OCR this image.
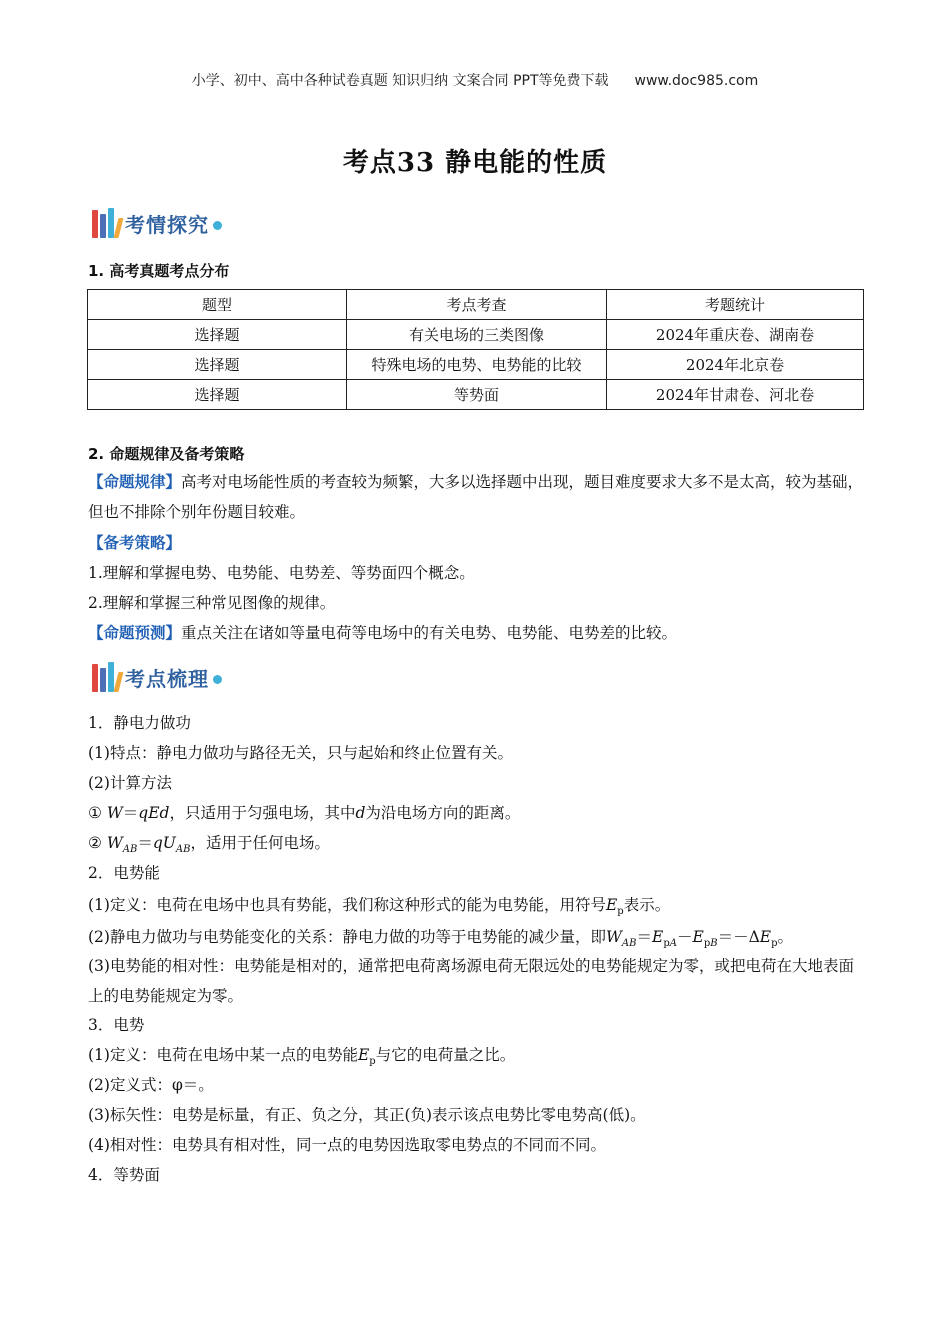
小学、初中、高中各种试卷真题 知识归纳 文案合同 PPT等免费下载 www.doc985.com
考点33 静电能的性质
考情探究
1. 高考真题考点分布
题型	考点考查	考题统计
选择题	有关电场的三类图像	2024年重庆卷、湖南卷
选择题	特殊电场的电势、电势能的比较	2024年北京卷
选择题	等势面	2024年甘肃卷、河北卷
2. 命题规律及备考策略
【命题规律】高考对电场能性质的考查较为频繁，大多以选择题中出现，题目难度要求大多不是太高，较为基础，但也不排除个别年份题目较难。
【备考策略】
1.理解和掌握电势、电势能、电势差、等势面四个概念。
2.理解和掌握三种常见图像的规律。
【命题预测】重点关注在诸如等量电荷等电场中的有关电势、电势能、电势差的比较。
考点梳理
1．静电力做功
(1)特点：静电力做功与路径无关，只与起始和终止位置有关。
(2)计算方法
① W＝qEd，只适用于匀强电场，其中d为沿电场方向的距离。
② $W_{AB}=qU_{AB}$，适用于任何电场。
2．电势能
(1)定义：电荷在电场中也具有势能，我们称这种形式的能为电势能，用符号$E_p$表示。
(2)静电力做功与电势能变化的关系：静电力做的功等于电势能的减少量，即$W_{AB}=E_{pA}-E_{pB}=-\Delta E_p$。
(3)电势能的相对性：电势能是相对的，通常把电荷离场源电荷无限远处的电势能规定为零，或把电荷在大地表面上的电势能规定为零。
3．电势
(1)定义：电荷在电场中某一点的电势能$E_p$与它的电荷量之比。
(2)定义式：φ＝。
(3)标矢性：电势是标量，有正、负之分，其正(负)表示该点电势比零电势高(低)。
(4)相对性：电势具有相对性，同一点的电势因选取零电势点的不同而不同。
4．等势面
